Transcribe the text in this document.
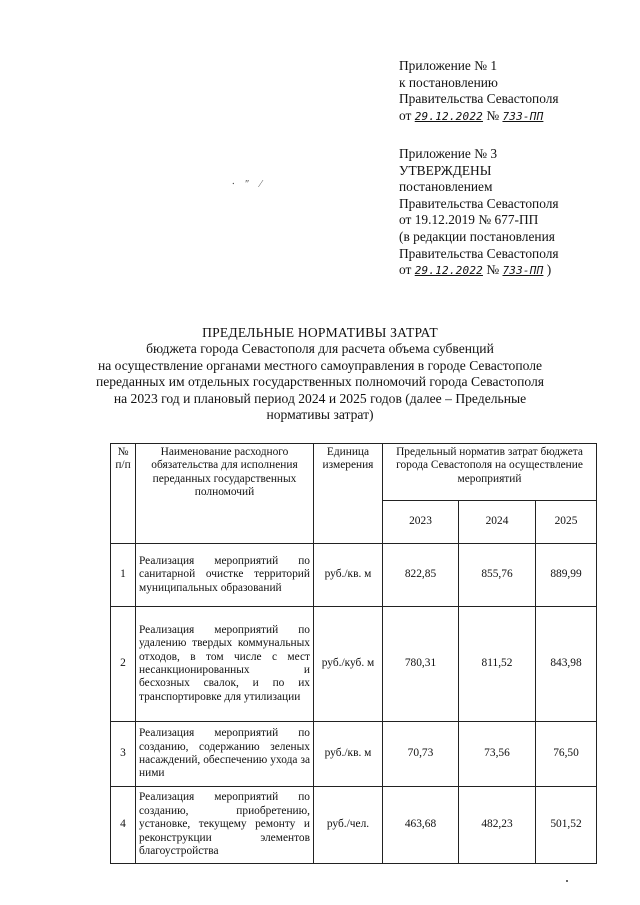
Приложение № 1
к постановлению
Правительства Севастополя
от 29.12.2022 № 733-ПП
⸱ ″ ⁄
Приложение № 3
УТВЕРЖДЕНЫ
постановлением
Правительства Севастополя
от 19.12.2019 № 677-ПП
(в редакции постановления
Правительства Севастополя
от 29.12.2022 № 733-ПП )
ПРЕДЕЛЬНЫЕ НОРМАТИВЫ ЗАТРАТ
бюджета города Севастополя для расчета объема субвенций
на осуществление органами местного самоуправления в городе Севастополе
переданных им отдельных государственных полномочий города Севастополя
на 2023 год и плановый период 2024 и 2025 годов (далее – Предельные
нормативы затрат)
№ п/п	Наименование расходного обязательства для исполнения переданных государственных полномочий	Единица измерения	Предельный норматив затрат бюджета города Севастополя на осуществление мероприятий		
			2023	2024	2025
1	Реализация мероприятий по санитарной очистке территорий муниципальных образований	руб./кв. м	822,85	855,76	889,99
2	Реализация мероприятий по удалению твердых коммунальных отходов, в том числе с мест несанкционированных и бесхозных свалок, и по их транспортировке для утилизации	руб./куб. м	780,31	811,52	843,98
3	Реализация мероприятий по созданию, содержанию зеленых насаждений, обеспечению ухода за ними	руб./кв. м	70,73	73,56	76,50
4	Реализация мероприятий по созданию, приобретению, установке, текущему ремонту и реконструкции элементов благоустройства	руб./чел.	463,68	482,23	501,52
